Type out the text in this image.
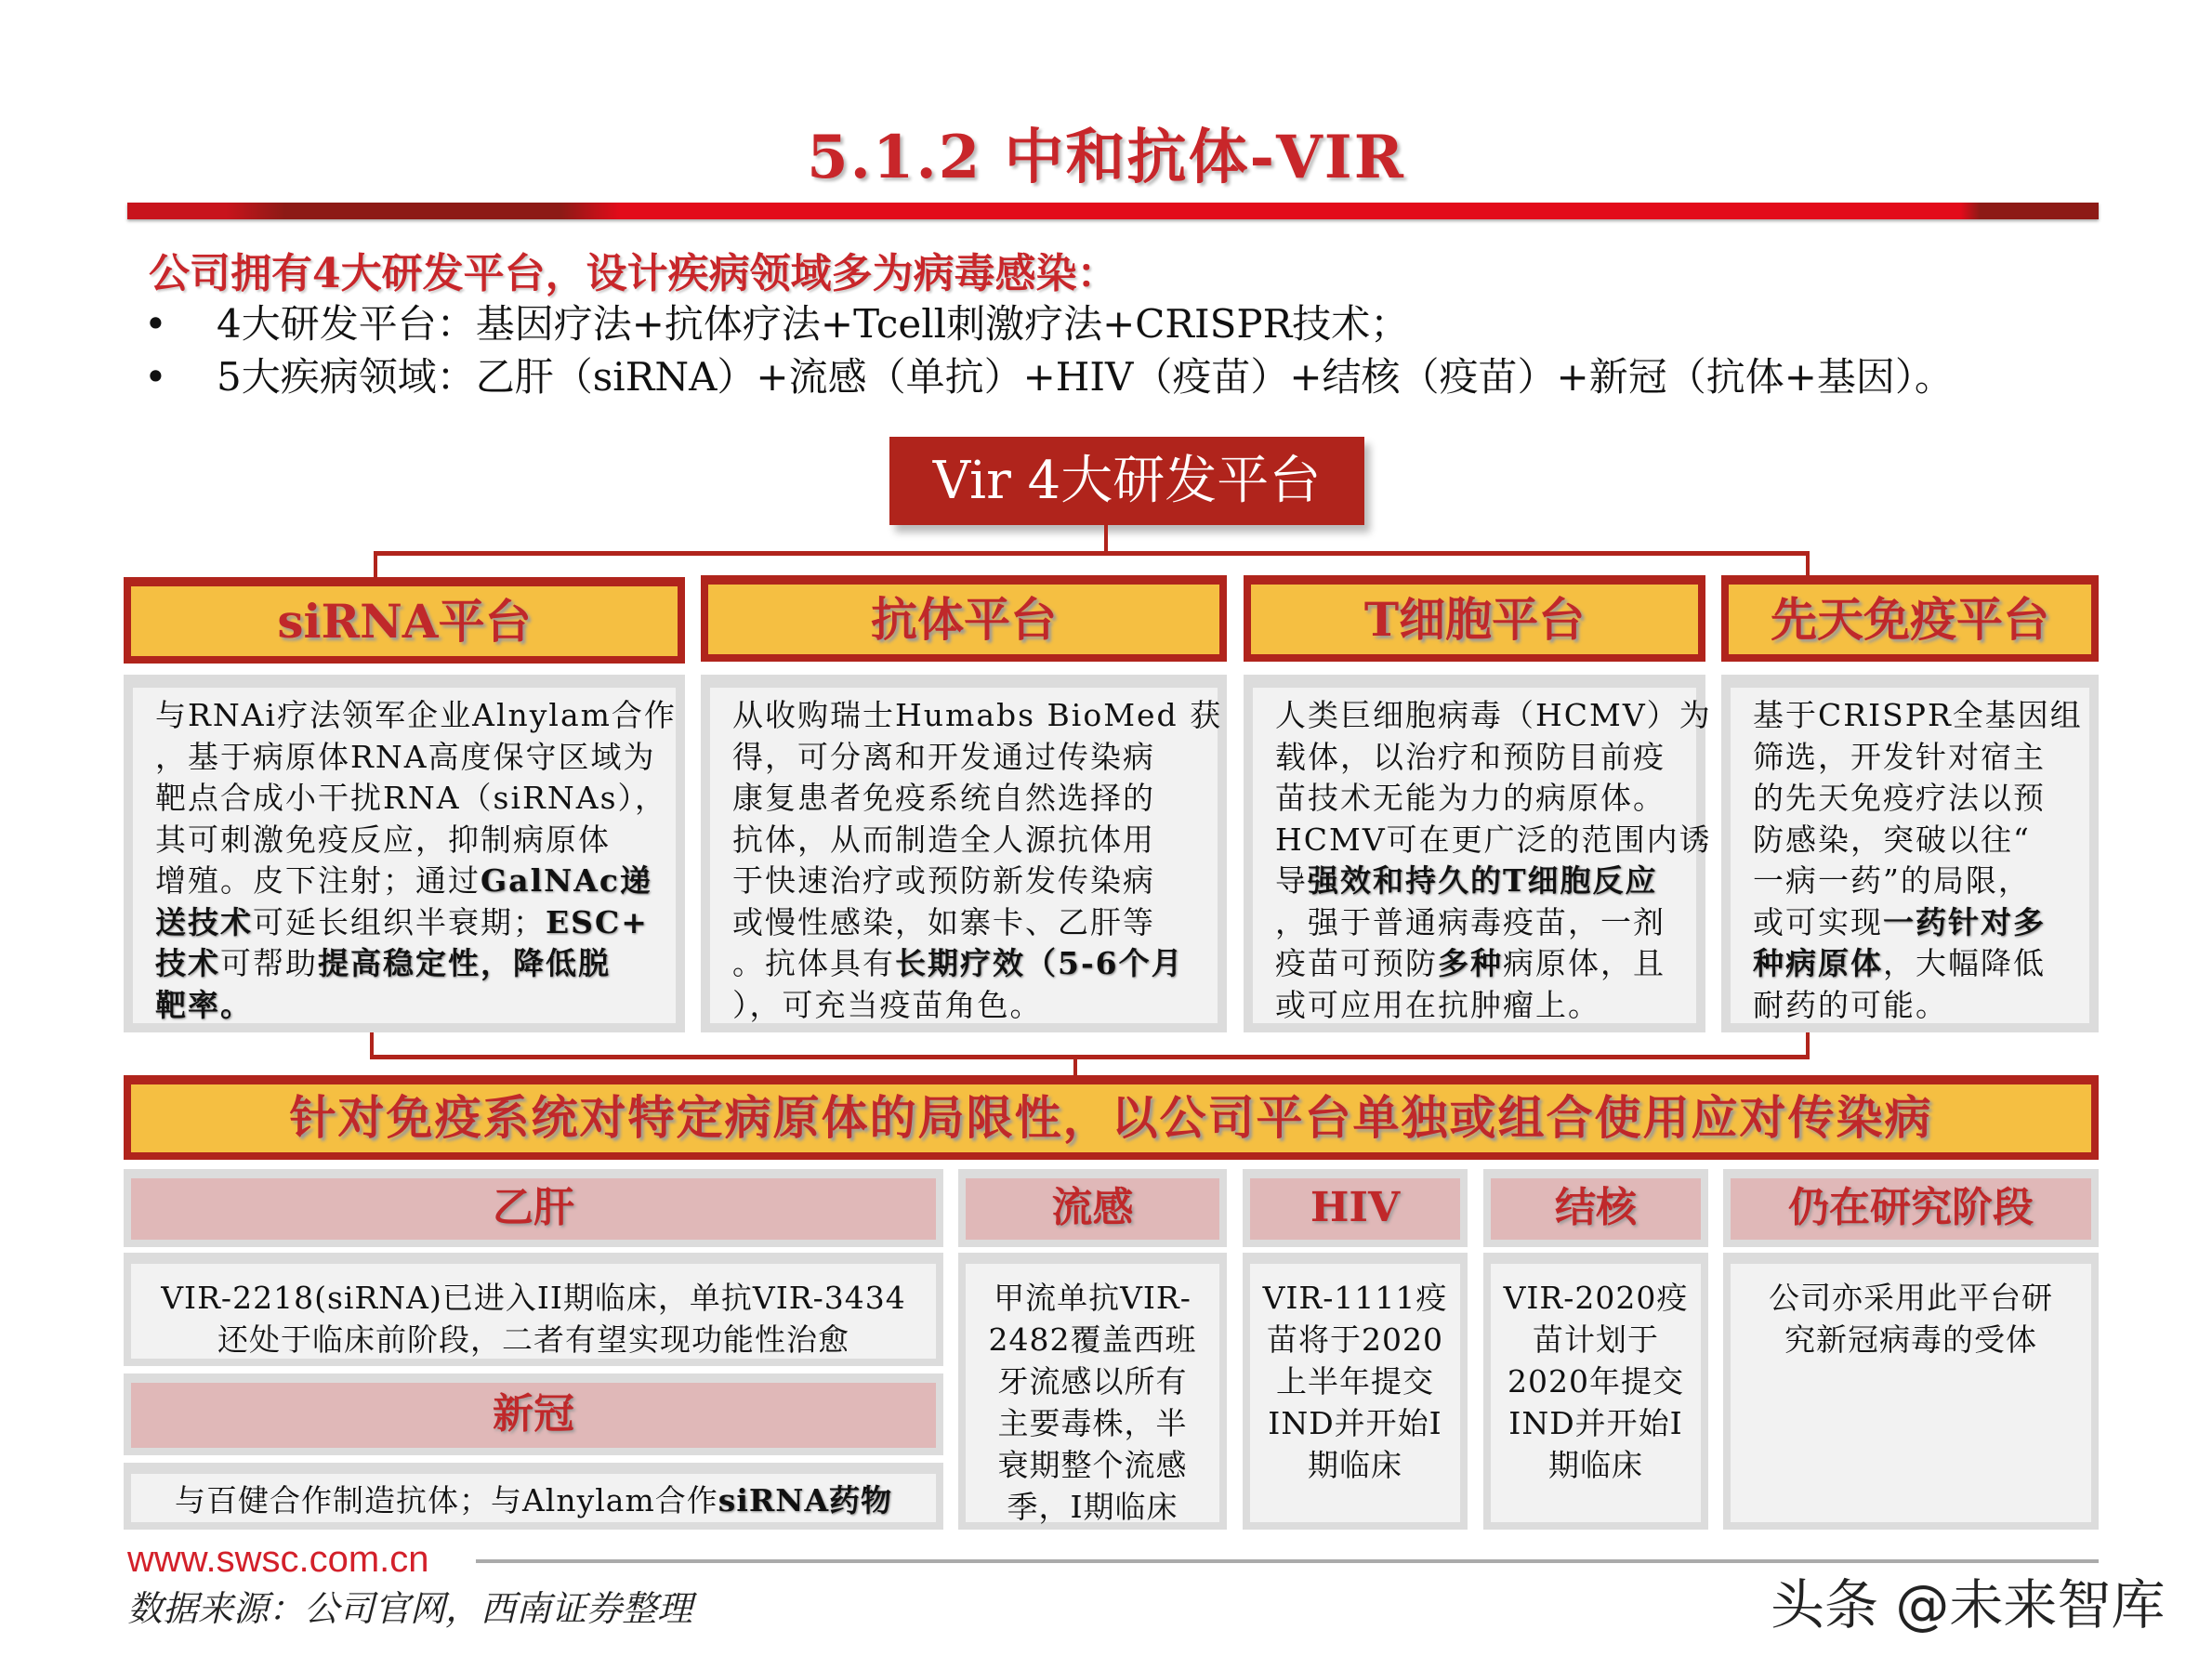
5.1.2 中和抗体-VIR
公司拥有4大研发平台，设计疾病领域多为病毒感染：
• 4大研发平台：基因疗法+抗体疗法+Tcell刺激疗法+CRISPR技术；
• 5大疾病领域：乙肝（siRNA）+流感（单抗）+HIV（疫苗）+结核（疫苗）+新冠（抗体+基因）。
Vir 4大研发平台
siRNA平台	抗体平台	T细胞平台	先天免疫平台
与RNAi疗法领军企业Alnylam合作
，基于病原体RNA高度保守区域为
靶点合成小干扰RNA（siRNAs），
其可刺激免疫反应，抑制病原体
增殖。皮下注射；通过GalNAc递
送技术可延长组织半衰期；ESC+
技术可帮助提高稳定性，降低脱
靶率。
从收购瑞士Humabs BioMed 获
得，可分离和开发通过传染病
康复患者免疫系统自然选择的
抗体，从而制造全人源抗体用
于快速治疗或预防新发传染病
或慢性感染，如寨卡、乙肝等
。抗体具有长期疗效（5-6个月
），可充当疫苗角色。
人类巨细胞病毒（HCMV）为
载体，以治疗和预防目前疫
苗技术无能为力的病原体。
HCMV可在更广泛的范围内诱
导强效和持久的T细胞反应
，强于普通病毒疫苗，一剂
疫苗可预防多种病原体，且
或可应用在抗肿瘤上。
基于CRISPR全基因组
筛选，开发针对宿主
的先天免疫疗法以预
防感染，突破以往“
一病一药”的局限，
或可实现一药针对多
种病原体，大幅降低
耐药的可能。
针对免疫系统对特定病原体的局限性，以公司平台单独或组合使用应对传染病
乙肝
VIR-2218(siRNA)已进入II期临床，单抗VIR-3434
还处于临床前阶段，二者有望实现功能性治愈
新冠
与百健合作制造抗体；与Alnylam合作siRNA药物
流感
甲流单抗VIR-
2482覆盖西班
牙流感以所有
主要毒株，半
衰期整个流感
季，I期临床
HIV
VIR-1111疫
苗将于2020
上半年提交
IND并开始I
期临床
结核
VIR-2020疫
苗计划于
2020年提交
IND并开始I
期临床
仍在研究阶段
公司亦采用此平台研
究新冠病毒的受体
www.swsc.com.cn
数据来源：公司官网，西南证券整理	头条 @未来智库
